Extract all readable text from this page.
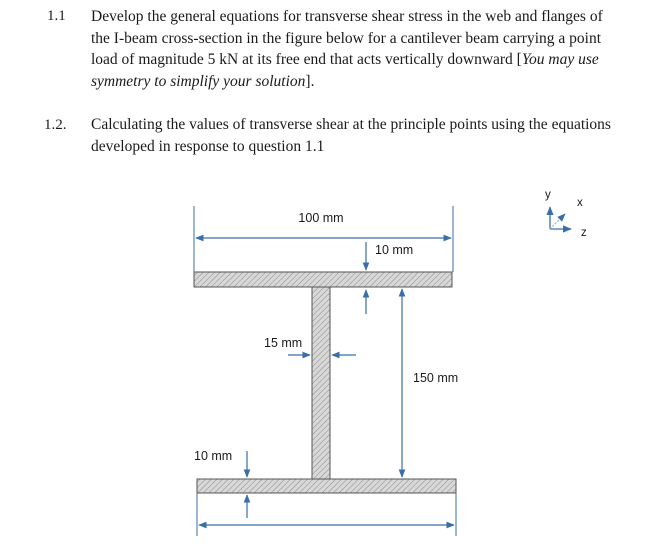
1.1 Develop the general equations for transverse shear stress in the web and flanges of
the I-beam cross-section in the figure below for a cantilever beam carrying a point
load of magnitude 5 kN at its free end that acts vertically downward [You may use
symmetry to simplify your solution].
1.2. Calculating the values of transverse shear at the principle points using the equations
developed in response to question 1.1
100 mm
10 mm
15 mm
150 mm
10 mm
y
x
z
